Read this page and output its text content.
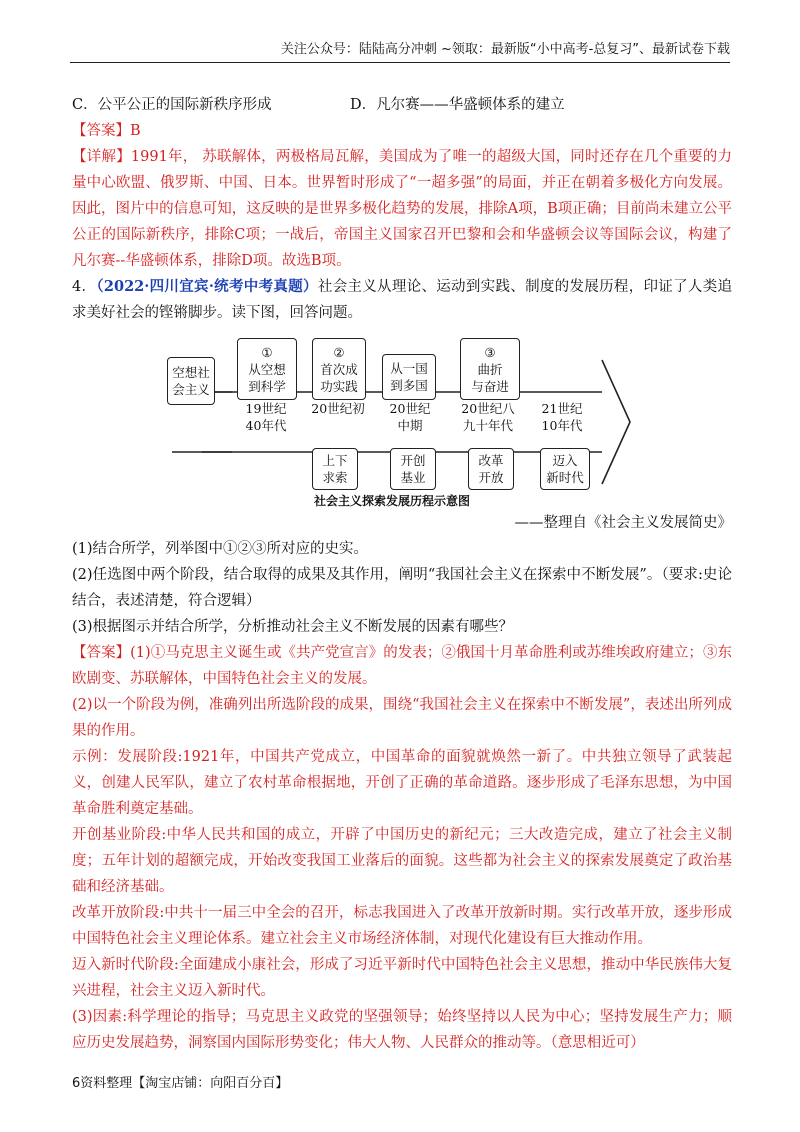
关注公众号：陆陆高分冲刺 ~领取：最新版“小中高考-总复习”、最新试卷下载
C．公平公正的国际新秩序形成	D．凡尔赛——华盛顿体系的建立

【答案】B

【详解】1991年， 苏联解体，两极格局瓦解，美国成为了唯一的超级大国，同时还存在几个重要的力量中心欧盟、俄罗斯、中国、日本。世界暂时形成了“一超多强”的局面，并正在朝着多极化方向发展。因此，图片中的信息可知，这反映的是世界多极化趋势的发展，排除A项，B项正确；目前尚未建立公平公正的国际新秩序，排除C项；一战后，帝国主义国家召开巴黎和会和华盛顿会议等国际会议，构建了凡尔赛--华盛顿体系，排除D项。故选B项。

4．（2022·四川宜宾·统考中考真题）社会主义从理论、运动到实践、制度的发展历程，印证了人类追求美好社会的铿锵脚步。读下图，回答问题。

空想社会主义
①
从空想
到科学
②
首次成
功实践
从一国
到多国
③
曲折
与奋进
19世纪
40年代
20世纪初	20世纪
中期
20世纪八
九十年代
21世纪
10年代
上下
求索
开创
基业
改革
开放
迈入
新时代
社会主义探索发展历程示意图

——整理自《社会主义发展简史》

(1)结合所学，列举图中①②③所对应的史实。

(2)任选图中两个阶段，结合取得的成果及其作用，阐明“我国社会主义在探索中不断发展”。（要求:史论结合，表述清楚，符合逻辑）

(3)根据图示并结合所学，分析推动社会主义不断发展的因素有哪些？

【答案】(1)①马克思主义诞生或《共产党宣言》的发表；②俄国十月革命胜利或苏维埃政府建立；③东欧剧变、苏联解体，中国特色社会主义的发展。

(2)以一个阶段为例，准确列出所选阶段的成果，围绕“我国社会主义在探索中不断发展”，表述出所列成果的作用。

示例：发展阶段:1921年，中国共产党成立，中国革命的面貌就焕然一新了。中共独立领导了武装起义，创建人民军队，建立了农村革命根据地，开创了正确的革命道路。逐步形成了毛泽东思想，为中国革命胜利奠定基础。

开创基业阶段:中华人民共和国的成立，开辟了中国历史的新纪元；三大改造完成，建立了社会主义制度；五年计划的超额完成，开始改变我国工业落后的面貌。这些都为社会主义的探索发展奠定了政治基础和经济基础。

改革开放阶段:中共十一届三中全会的召开，标志我国进入了改革开放新时期。实行改革开放，逐步形成中国特色社会主义理论体系。建立社会主义市场经济体制，对现代化建设有巨大推动作用。

迈入新时代阶段:全面建成小康社会，形成了习近平新时代中国特色社会主义思想，推动中华民族伟大复兴进程，社会主义迈入新时代。

(3)因素:科学理论的指导；马克思主义政党的坚强领导；始终坚持以人民为中心；坚持发展生产力；顺应历史发展趋势，洞察国内国际形势变化；伟大人物、人民群众的推动等。（意思相近可）

6资料整理【淘宝店铺：向阳百分百】
